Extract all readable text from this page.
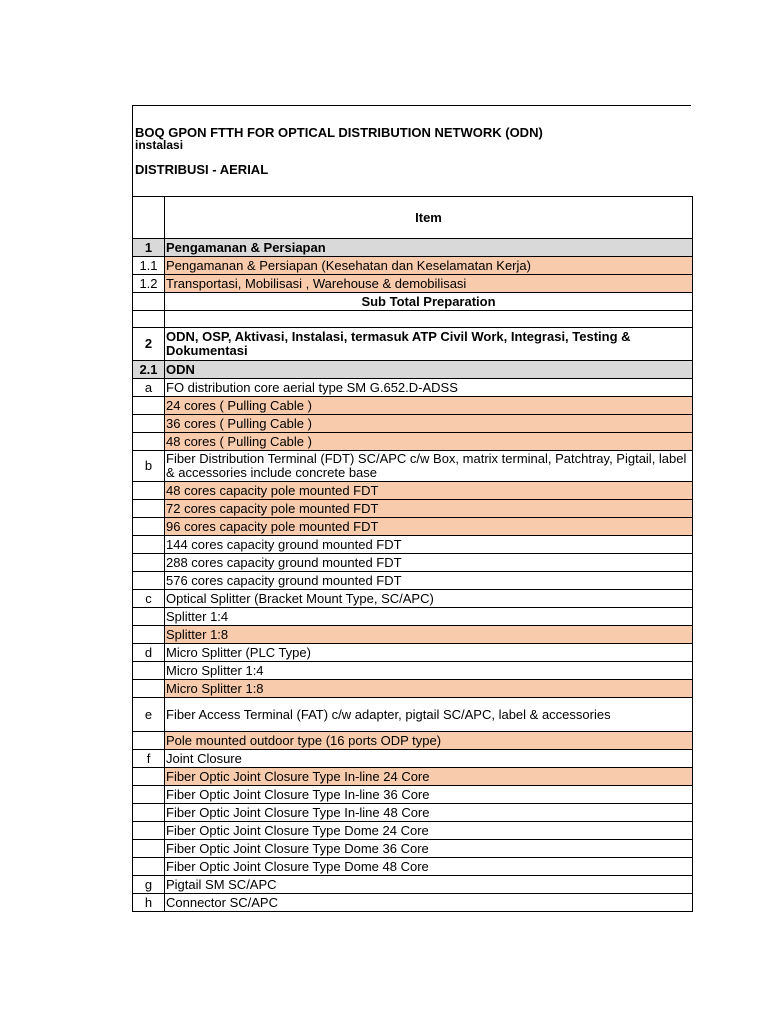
BOQ GPON FTTH FOR OPTICAL DISTRIBUTION NETWORK (ODN)
instalasi
DISTRIBUSI - AERIAL
	Item
1	Pengamanan & Persiapan
1.1	Pengamanan & Persiapan (Kesehatan dan Keselamatan Kerja)
1.2	Transportasi, Mobilisasi , Warehouse & demobilisasi
	Sub Total Preparation

2	ODN, OSP, Aktivasi, Instalasi, termasuk ATP Civil Work, Integrasi, Testing & Dokumentasi
2.1	ODN
a	FO distribution core aerial type SM G.652.D-ADSS
	24 cores ( Pulling Cable )
	36 cores ( Pulling Cable )
	48 cores ( Pulling Cable )
b	Fiber Distribution Terminal (FDT) SC/APC c/w Box, matrix terminal, Patchtray, Pigtail, label & accessories include concrete base
	48 cores capacity pole mounted FDT
	72 cores capacity pole mounted FDT
	96 cores capacity pole mounted FDT
	144 cores capacity ground mounted FDT
	288 cores capacity ground mounted FDT
	576 cores capacity ground mounted FDT
c	Optical Splitter (Bracket Mount Type, SC/APC)
	Splitter 1:4
	Splitter 1:8
d	Micro Splitter (PLC Type)
	Micro Splitter 1:4
	Micro Splitter 1:8
e	Fiber Access Terminal (FAT) c/w adapter, pigtail SC/APC, label & accessories
	Pole mounted outdoor type (16 ports ODP type)
f	Joint Closure
	Fiber Optic Joint Closure Type In-line 24 Core
	Fiber Optic Joint Closure Type In-line 36 Core
	Fiber Optic Joint Closure Type In-line 48 Core
	Fiber Optic Joint Closure Type Dome 24 Core
	Fiber Optic Joint Closure Type Dome 36 Core
	Fiber Optic Joint Closure Type Dome 48 Core
g	Pigtail SM SC/APC
h	Connector SC/APC
